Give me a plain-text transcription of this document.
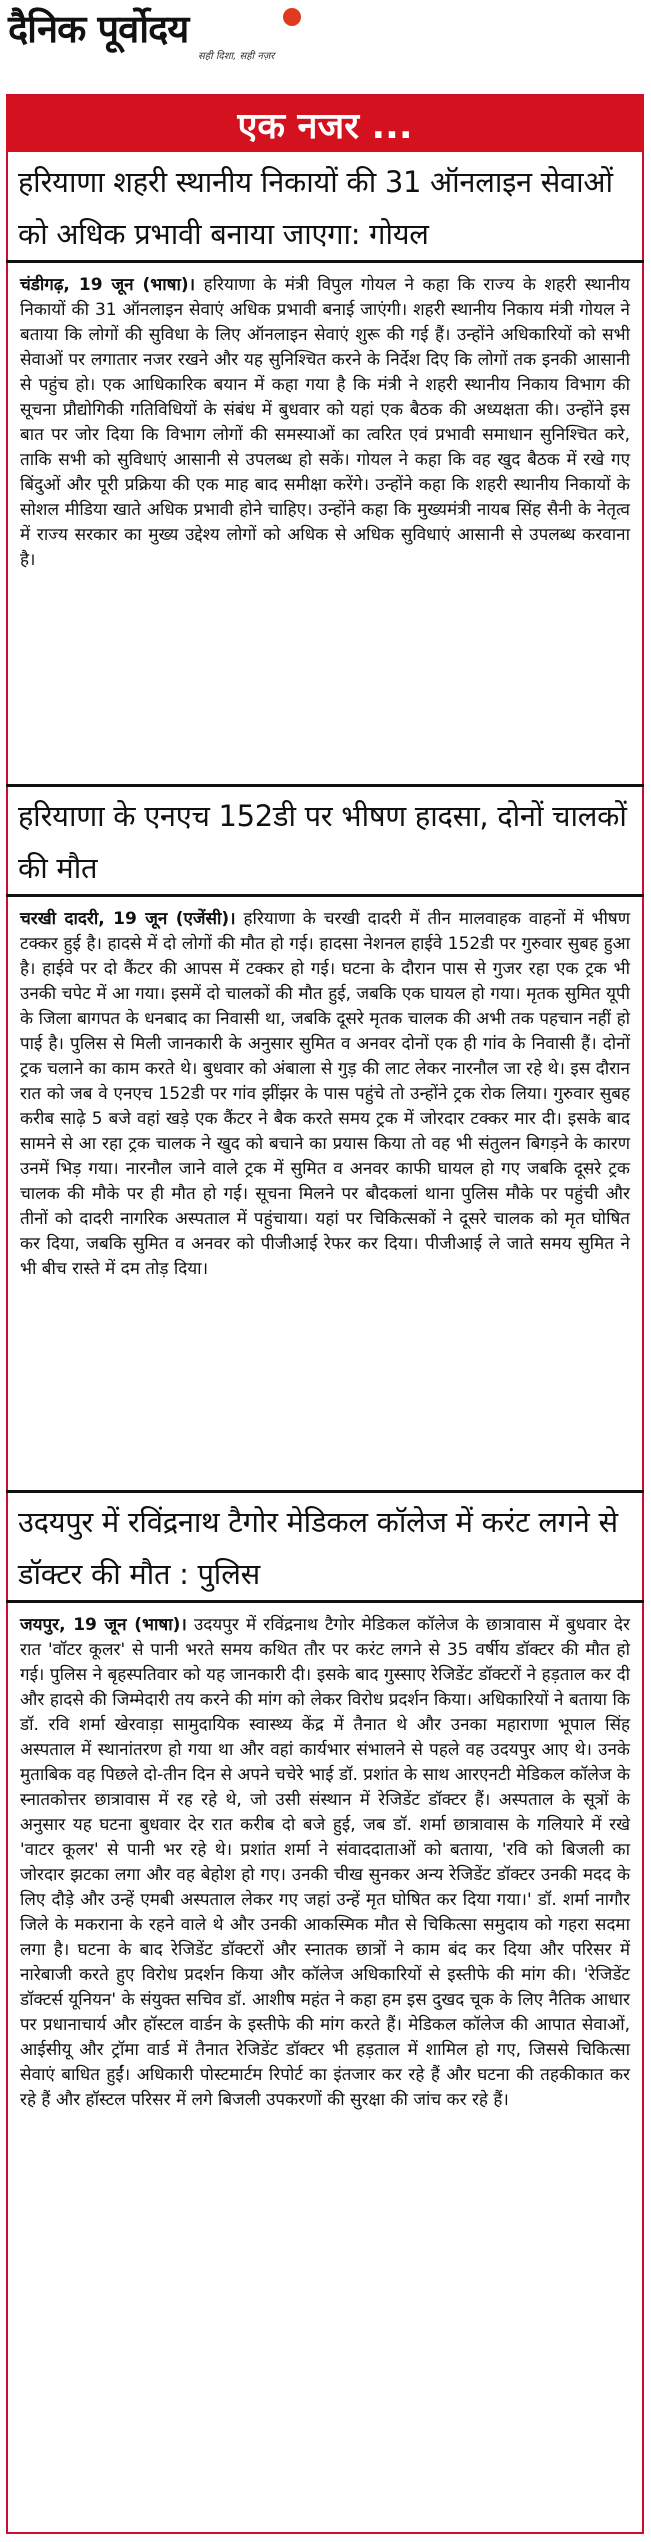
दैनिक पूर्वोदय
सही दिशा, सही नज़र
एक नजर ...
हरियाणा शहरी स्थानीय निकायों की 31 ऑनलाइन सेवाओं को अधिक प्रभावी बनाया जाएगा: गोयल

चंडीगढ़, 19 जून (भाषा)। हरियाणा के मंत्री विपुल गोयल ने कहा कि राज्य के शहरी स्थानीय निकायों की 31 ऑनलाइन सेवाएं अधिक प्रभावी बनाई जाएंगी। शहरी स्थानीय निकाय मंत्री गोयल ने बताया कि लोगों की सुविधा के लिए ऑनलाइन सेवाएं शुरू की गई हैं। उन्होंने अधिकारियों को सभी सेवाओं पर लगातार नजर रखने और यह सुनिश्चित करने के निर्देश दिए कि लोगों तक इनकी आसानी से पहुंच हो। एक आधिकारिक बयान में कहा गया है कि मंत्री ने शहरी स्थानीय निकाय विभाग की सूचना प्रौद्योगिकी गतिविधियों के संबंध में बुधवार को यहां एक बैठक की अध्यक्षता की। उन्होंने इस बात पर जोर दिया कि विभाग लोगों की समस्याओं का त्वरित एवं प्रभावी समाधान सुनिश्चित करे, ताकि सभी को सुविधाएं आसानी से उपलब्ध हो सकें। गोयल ने कहा कि वह खुद बैठक में रखे गए बिंदुओं और पूरी प्रक्रिया की एक माह बाद समीक्षा करेंगे। उन्होंने कहा कि शहरी स्थानीय निकायों के सोशल मीडिया खाते अधिक प्रभावी होने चाहिए। उन्होंने कहा कि मुख्यमंत्री नायब सिंह सैनी के नेतृत्व में राज्य सरकार का मुख्य उद्देश्य लोगों को अधिक से अधिक सुविधाएं आसानी से उपलब्ध करवाना है।

हरियाणा के एनएच 152डी पर भीषण हादसा, दोनों चालकों की मौत

चरखी दादरी, 19 जून (एजेंसी)। हरियाणा के चरखी दादरी में तीन मालवाहक वाहनों में भीषण टक्कर हुई है। हादसे में दो लोगों की मौत हो गई। हादसा नेशनल हाईवे 152डी पर गुरुवार सुबह हुआ है। हाईवे पर दो कैंटर की आपस में टक्कर हो गई। घटना के दौरान पास से गुजर रहा एक ट्रक भी उनकी चपेट में आ गया। इसमें दो चालकों की मौत हुई, जबकि एक घायल हो गया। मृतक सुमित यूपी के जिला बागपत के धनबाद का निवासी था, जबकि दूसरे मृतक चालक की अभी तक पहचान नहीं हो पाई है। पुलिस से मिली जानकारी के अनुसार सुमित व अनवर दोनों एक ही गांव के निवासी हैं। दोनों ट्रक चलाने का काम करते थे। बुधवार को अंबाला से गुड़ की लाट लेकर नारनौल जा रहे थे। इस दौरान रात को जब वे एनएच 152डी पर गांव झींझर के पास पहुंचे तो उन्होंने ट्रक रोक लिया। गुरुवार सुबह करीब साढ़े 5 बजे वहां खड़े एक कैंटर ने बैक करते समय ट्रक में जोरदार टक्कर मार दी। इसके बाद सामने से आ रहा ट्रक चालक ने खुद को बचाने का प्रयास किया तो वह भी संतुलन बिगड़ने के कारण उनमें भिड़ गया। नारनौल जाने वाले ट्रक में सुमित व अनवर काफी घायल हो गए जबकि दूसरे ट्रक चालक की मौके पर ही मौत हो गई। सूचना मिलने पर बौदकलां थाना पुलिस मौके पर पहुंची और तीनों को दादरी नागरिक अस्पताल में पहुंचाया। यहां पर चिकित्सकों ने दूसरे चालक को मृत घोषित कर दिया, जबकि सुमित व अनवर को पीजीआई रेफर कर दिया। पीजीआई ले जाते समय सुमित ने भी बीच रास्ते में दम तोड़ दिया।

उदयपुर में रविंद्रनाथ टैगोर मेडिकल कॉलेज में करंट लगने से डॉक्टर की मौत : पुलिस

जयपुर, 19 जून (भाषा)। उदयपुर में रविंद्रनाथ टैगोर मेडिकल कॉलेज के छात्रावास में बुधवार देर रात 'वॉटर कूलर' से पानी भरते समय कथित तौर पर करंट लगने से 35 वर्षीय डॉक्टर की मौत हो गई। पुलिस ने बृहस्पतिवार को यह जानकारी दी। इसके बाद गुस्साए रेजिडेंट डॉक्टरों ने हड़ताल कर दी और हादसे की जिम्मेदारी तय करने की मांग को लेकर विरोध प्रदर्शन किया। अधिकारियों ने बताया कि डॉ. रवि शर्मा खेरवाड़ा सामुदायिक स्वास्थ्य केंद्र में तैनात थे और उनका महाराणा भूपाल सिंह अस्पताल में स्थानांतरण हो गया था और वहां कार्यभार संभालने से पहले वह उदयपुर आए थे। उनके मुताबिक वह पिछले दो-तीन दिन से अपने चचेरे भाई डॉ. प्रशांत के साथ आरएनटी मेडिकल कॉलेज के स्नातकोत्तर छात्रावास में रह रहे थे, जो उसी संस्थान में रेजिडेंट डॉक्टर हैं। अस्पताल के सूत्रों के अनुसार यह घटना बुधवार देर रात करीब दो बजे हुई, जब डॉ. शर्मा छात्रावास के गलियारे में रखे 'वाटर कूलर' से पानी भर रहे थे। प्रशांत शर्मा ने संवाददाताओं को बताया, 'रवि को बिजली का जोरदार झटका लगा और वह बेहोश हो गए। उनकी चीख सुनकर अन्य रेजिडेंट डॉक्टर उनकी मदद के लिए दौड़े और उन्हें एमबी अस्पताल लेकर गए जहां उन्हें मृत घोषित कर दिया गया।' डॉ. शर्मा नागौर जिले के मकराना के रहने वाले थे और उनकी आकस्मिक मौत से चिकित्सा समुदाय को गहरा सदमा लगा है। घटना के बाद रेजिडेंट डॉक्टरों और स्नातक छात्रों ने काम बंद कर दिया और परिसर में नारेबाजी करते हुए विरोध प्रदर्शन किया और कॉलेज अधिकारियों से इस्तीफे की मांग की। 'रेजिडेंट डॉक्टर्स यूनियन' के संयुक्त सचिव डॉ. आशीष महंत ने कहा हम इस दुखद चूक के लिए नैतिक आधार पर प्रधानाचार्य और हॉस्टल वार्डन के इस्तीफे की मांग करते हैं। मेडिकल कॉलेज की आपात सेवाओं, आईसीयू और ट्रॉमा वार्ड में तैनात रेजिडेंट डॉक्टर भी हड़ताल में शामिल हो गए, जिससे चिकित्सा सेवाएं बाधित हुईं। अधिकारी पोस्टमार्टम रिपोर्ट का इंतजार कर रहे हैं और घटना की तहकीकात कर रहे हैं और हॉस्टल परिसर में लगे बिजली उपकरणों की सुरक्षा की जांच कर रहे हैं।
